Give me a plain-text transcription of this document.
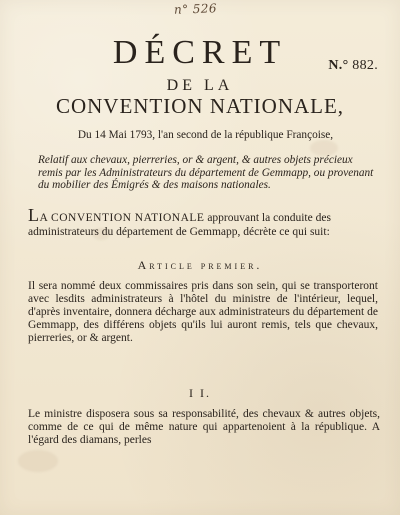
n° 526
N.° 882.
DÉCRET
DE LA
CONVENTION NATIONALE,
Du 14 Mai 1793, l'an second de la république Françoise,
Relatif aux chevaux, pierreries, or & argent, & autres objets précieux remis par les Administrateurs du département de Gemmapp, ou provenant du mobilier des Émigrés & des maisons nationales.
LA CONVENTION NATIONALE approuvant la conduite des administrateurs du département de Gemmapp, décrète ce qui suit:
Article premier.
Il sera nommé deux commissaires pris dans son sein, qui se transporteront avec lesdits administrateurs à l'hôtel du ministre de l'intérieur, lequel, d'après inventaire, donnera décharge aux administrateurs du département de Gemmapp, des différens objets qu'ils lui auront remis, tels que chevaux, pierreries, or & argent.
I I.
Le ministre disposera sous sa responsabilité, des chevaux & autres objets, comme de ce qui de même nature qui appartenoient à la république. A l'égard des diamans, perles
